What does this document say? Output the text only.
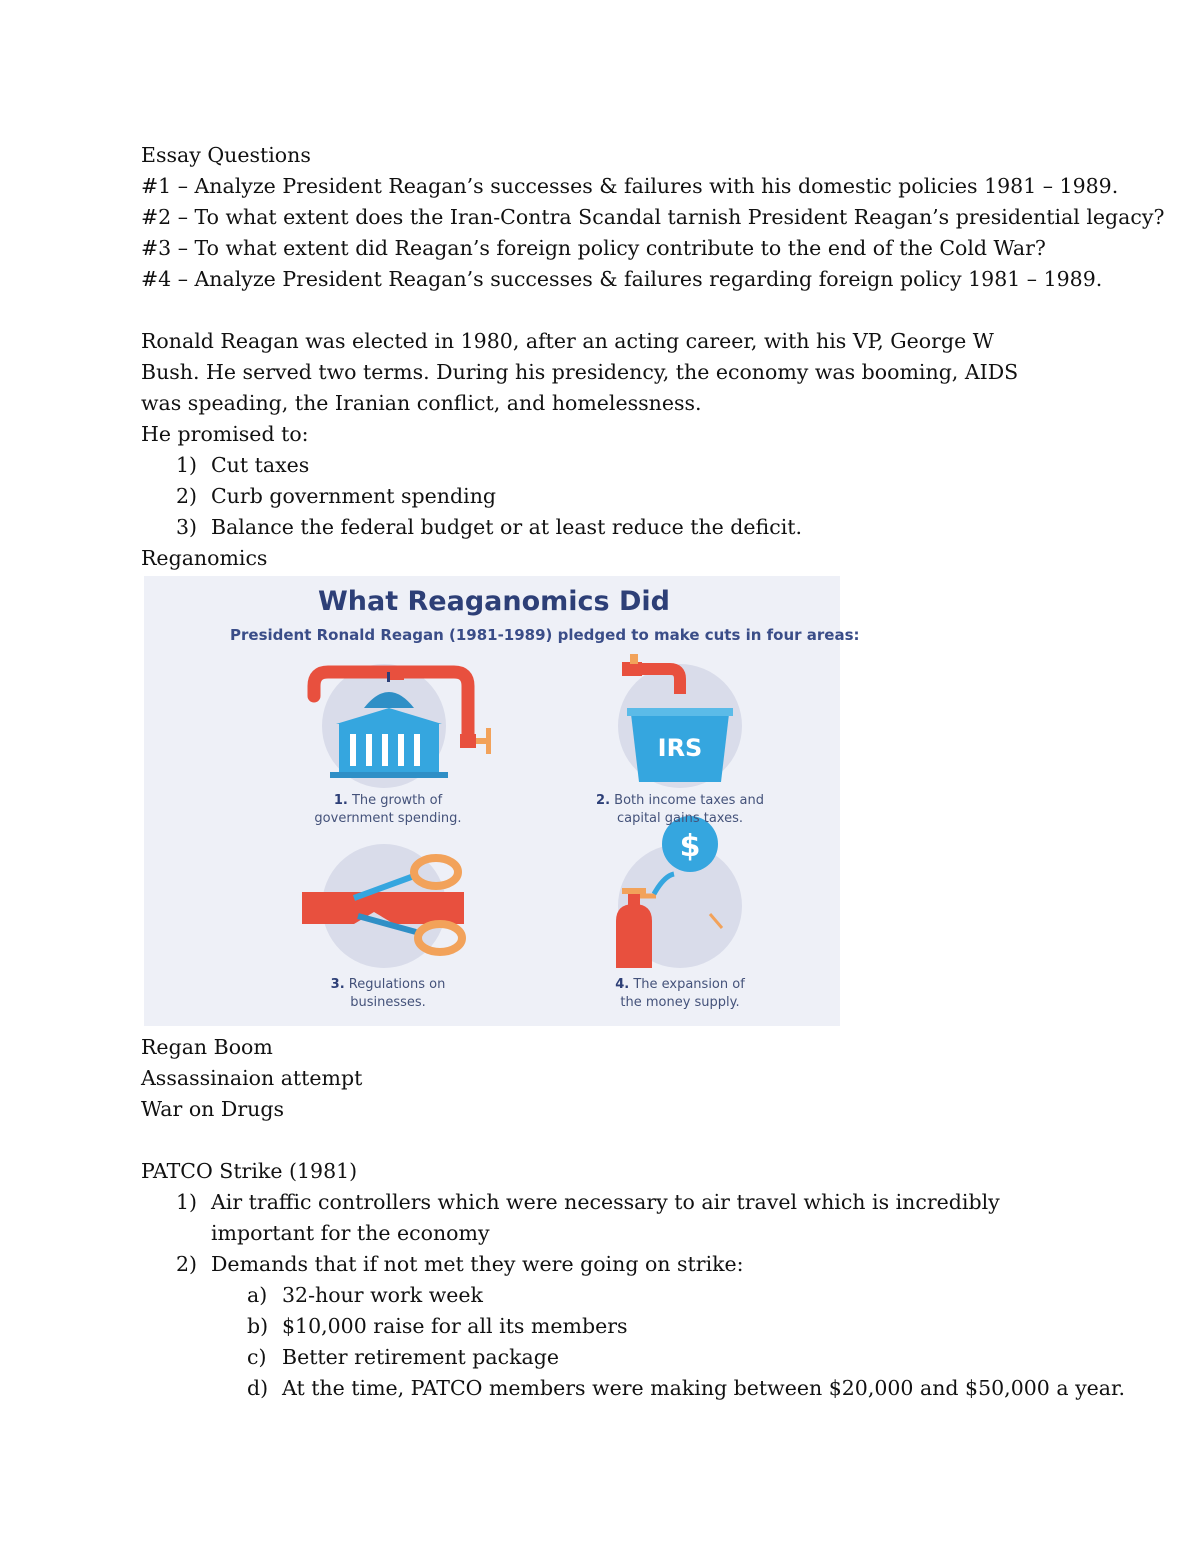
Essay Questions
#1 – Analyze President Reagan’s successes & failures with his domestic policies 1981 – 1989.
#2 – To what extent does the Iran-Contra Scandal tarnish President Reagan’s presidential legacy?
#3 – To what extent did Reagan’s foreign policy contribute to the end of the Cold War?
#4 – Analyze President Reagan’s successes & failures regarding foreign policy 1981 – 1989.
Ronald Reagan was elected in 1980, after an acting career, with his VP, George W Bush. He served two terms. During his presidency, the economy was booming, AIDS was speading, the Iranian conflict, and homelessness.
He promised to:
1) Cut taxes
2) Curb government spending
3) Balance the federal budget or at least reduce the deficit.
Reganomics
IRS
$
What Reaganomics Did
President Ronald Reagan (1981-1989) pledged to make cuts in four areas:
1. The growth of
government spending.
2. Both income taxes and
capital gains taxes.
3. Regulations on
businesses.
4. The expansion of
the money supply.
Regan Boom
Assassinaion attempt
War on Drugs
PATCO Strike (1981)
1) Air traffic controllers which were necessary to air travel which is incredibly important for the economy
2) Demands that if not met they were going on strike:
a) 32-hour work week
b) $10,000 raise for all its members
c) Better retirement package
d) At the time, PATCO members were making between $20,000 and $50,000 a year.
